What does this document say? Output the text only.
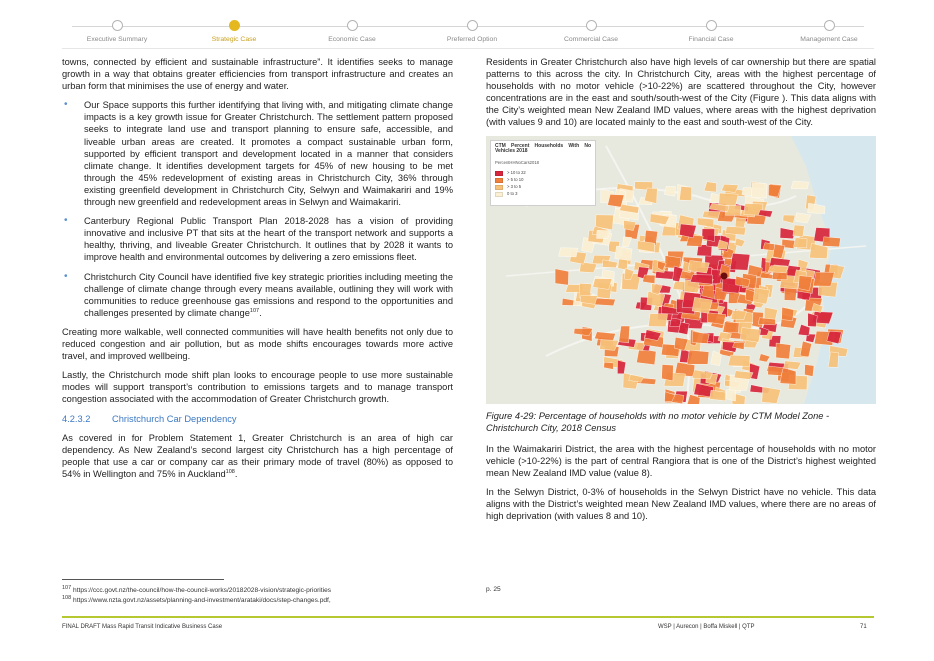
Executive Summary	Strategic Case	Economic Case	Preferred Option	Commercial Case	Financial Case	Management Case

towns, connected by efficient and sustainable infrastructure”. It identifies seeks to manage growth in a way that obtains greater efficiencies from transport infrastructure and creates an urban form that minimises the use of energy and water.

• Our Space supports this further identifying that living with, and mitigating climate change impacts is a key growth issue for Greater Christchurch. The settlement pattern proposed seeks to integrate land use and transport planning to ensure safe, accessible, and liveable urban areas are created. It promotes a compact sustainable urban form, supported by efficient transport and development located in a manner that considers climate change. It identifies development targets for 45% of new housing to be met through the 45% redevelopment of existing areas in Christchurch City, 36% through existing greenfield development in Christchurch City, Selwyn and Waimakariri and 19% through new greenfield and redevelopment areas in Selwyn and Waimakariri.
• Canterbury Regional Public Transport Plan 2018-2028 has a vision of providing innovative and inclusive PT that sits at the heart of the transport network and supports a healthy, thriving, and liveable Greater Christchurch. It outlines that by 2028 it wants to improve health and environmental outcomes by delivering a zero emissions fleet.
• Christchurch City Council have identified five key strategic priorities including meeting the challenge of climate change through every means available, outlining they will work with communities to reduce greenhouse gas emissions and respond to the opportunities and challenges presented by climate change$^{107}$.

Creating more walkable, well connected communities will have health benefits not only due to reduced congestion and air pollution, but as mode shifts encourages towards more active travel, and improved wellbeing.

Lastly, the Christchurch mode shift plan looks to encourage people to use more sustainable modes will support transport’s contribution to emissions targets and to manage transport congestion associated with the accommodation of Greater Christchurch growth.

4.2.3.2 Christchurch Car Dependency

As covered in for Problem Statement 1, Greater Christchurch is an area of high car dependency. As New Zealand’s second largest city Christchurch has a high percentage of people that use a car or company car as their primary mode of travel (80%) as opposed to 54% in Wellington and 75% in Auckland$^{108}$.

Residents in Greater Christchurch also have high levels of car ownership but there are spatial patterns to this across the city. In Christchurch City, areas with the highest percentage of households with no motor vehicle (>10-22%) are scattered throughout the City, however concentrations are in the east and south/south-west of the City (Figure ). This data aligns with the City’s weighted mean New Zealand IMD values, where areas with the highest deprivation (with values 9 and 10) are located mainly to the east and south-west of the City.

CTM Percent Households With No Vehicles 2018
PercentHHNoCars2018
> 10 to 22
> 5 to 10
> 3 to 5
0 to 3

Figure 4-29: Percentage of households with no motor vehicle by CTM Model Zone - Christchurch City, 2018 Census

In the Waimakariri District, the area with the highest percentage of households with no motor vehicle (>10-22%) is the part of central Rangiora that is one of the District’s highest weighted mean New Zealand IMD value (value 8).

In the Selwyn District, 0-3% of households in the Selwyn District have no vehicle. This data aligns with the District’s weighted mean New Zealand IMD values, where there are no areas of high deprivation (with values 8 and 10).

$^{107}$ https://ccc.govt.nz/the-council/how-the-council-works/20182028-vision/strategic-priorities
$^{108}$ https://www.nzta.govt.nz/assets/planning-and-investment/arataki/docs/step-changes.pdf,
p. 25
FINAL DRAFT Mass Rapid Transit Indicative Business Case	WSP | Aurecon | Boffa Miskell | QTP	71
